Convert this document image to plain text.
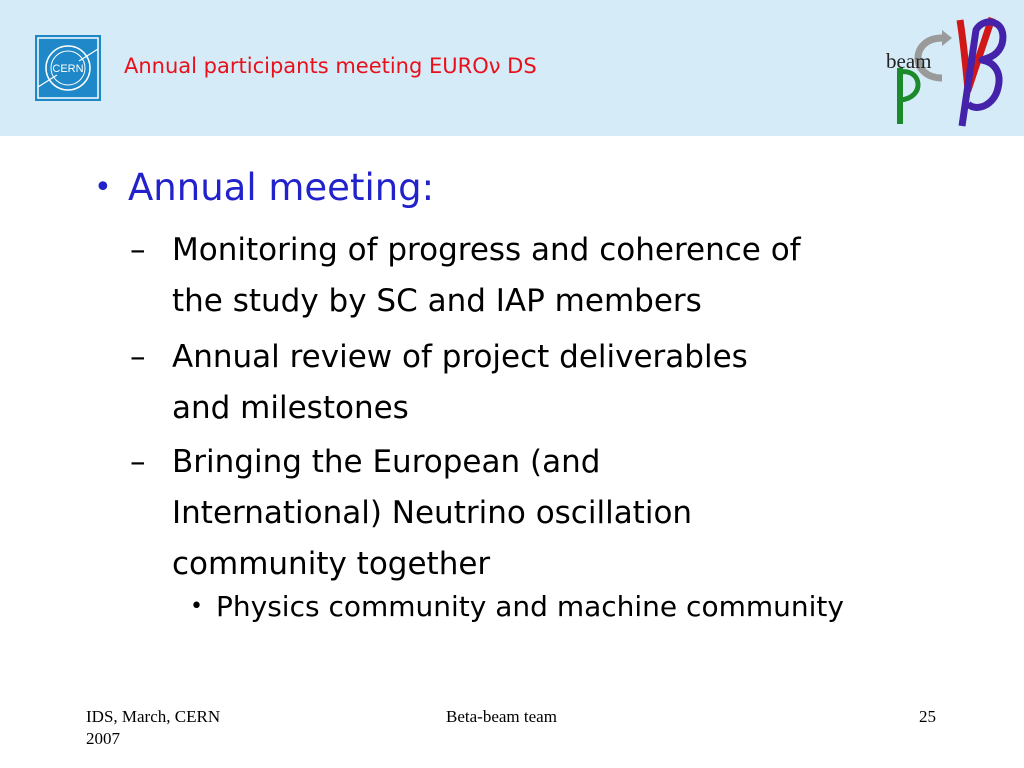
CERN Annual participants meeting EUROν DS	beam
• Annual meeting:
– Monitoring of progress and coherence of
the study by SC and IAP members
– Annual review of project deliverables
and milestones
– Bringing the European (and
International) Neutrino oscillation
community together
• Physics community and machine community
IDS, March, CERN
2007
Beta-beam team	25
